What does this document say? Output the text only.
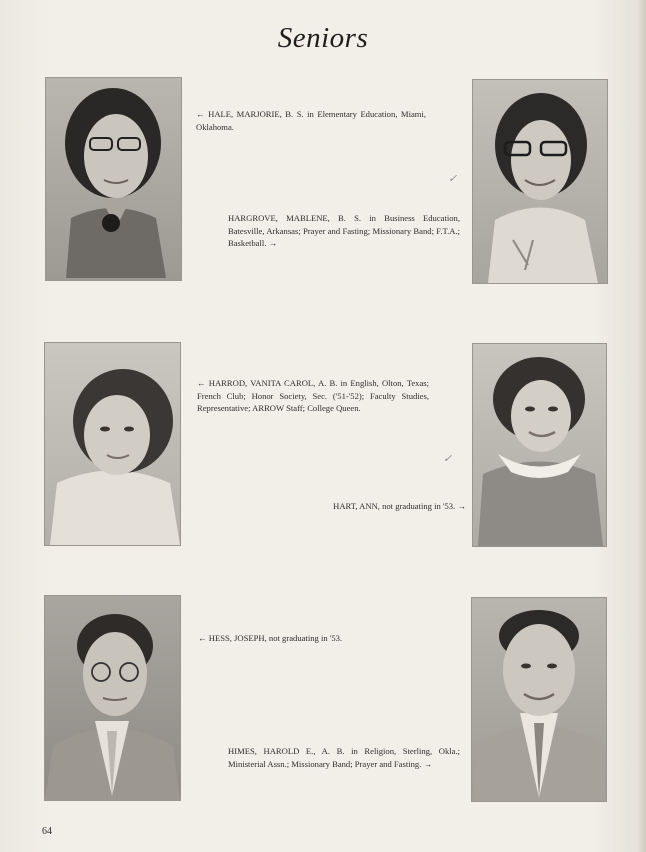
Seniors
← HALE, MARJORIE, B. S. in Elementary Education, Miami, Oklahoma.
✓
HARGROVE, MABLENE, B. S. in Business Education, Batesville, Arkansas; Prayer and Fasting; Missionary Band; F.T.A.; Basketball. →
← HARROD, VANITA CAROL, A. B. in English, Olton, Texas; French Club; Honor Society, Sec. ('51-'52); Faculty Studies, Representative; ARROW Staff; College Queen.
✓
HART, ANN, not graduating in '53. →
← HESS, JOSEPH, not graduating in '53.
HIMES, HAROLD E., A. B. in Religion, Sterling, Okla.; Ministerial Assn.; Missionary Band; Prayer and Fasting. →
64
